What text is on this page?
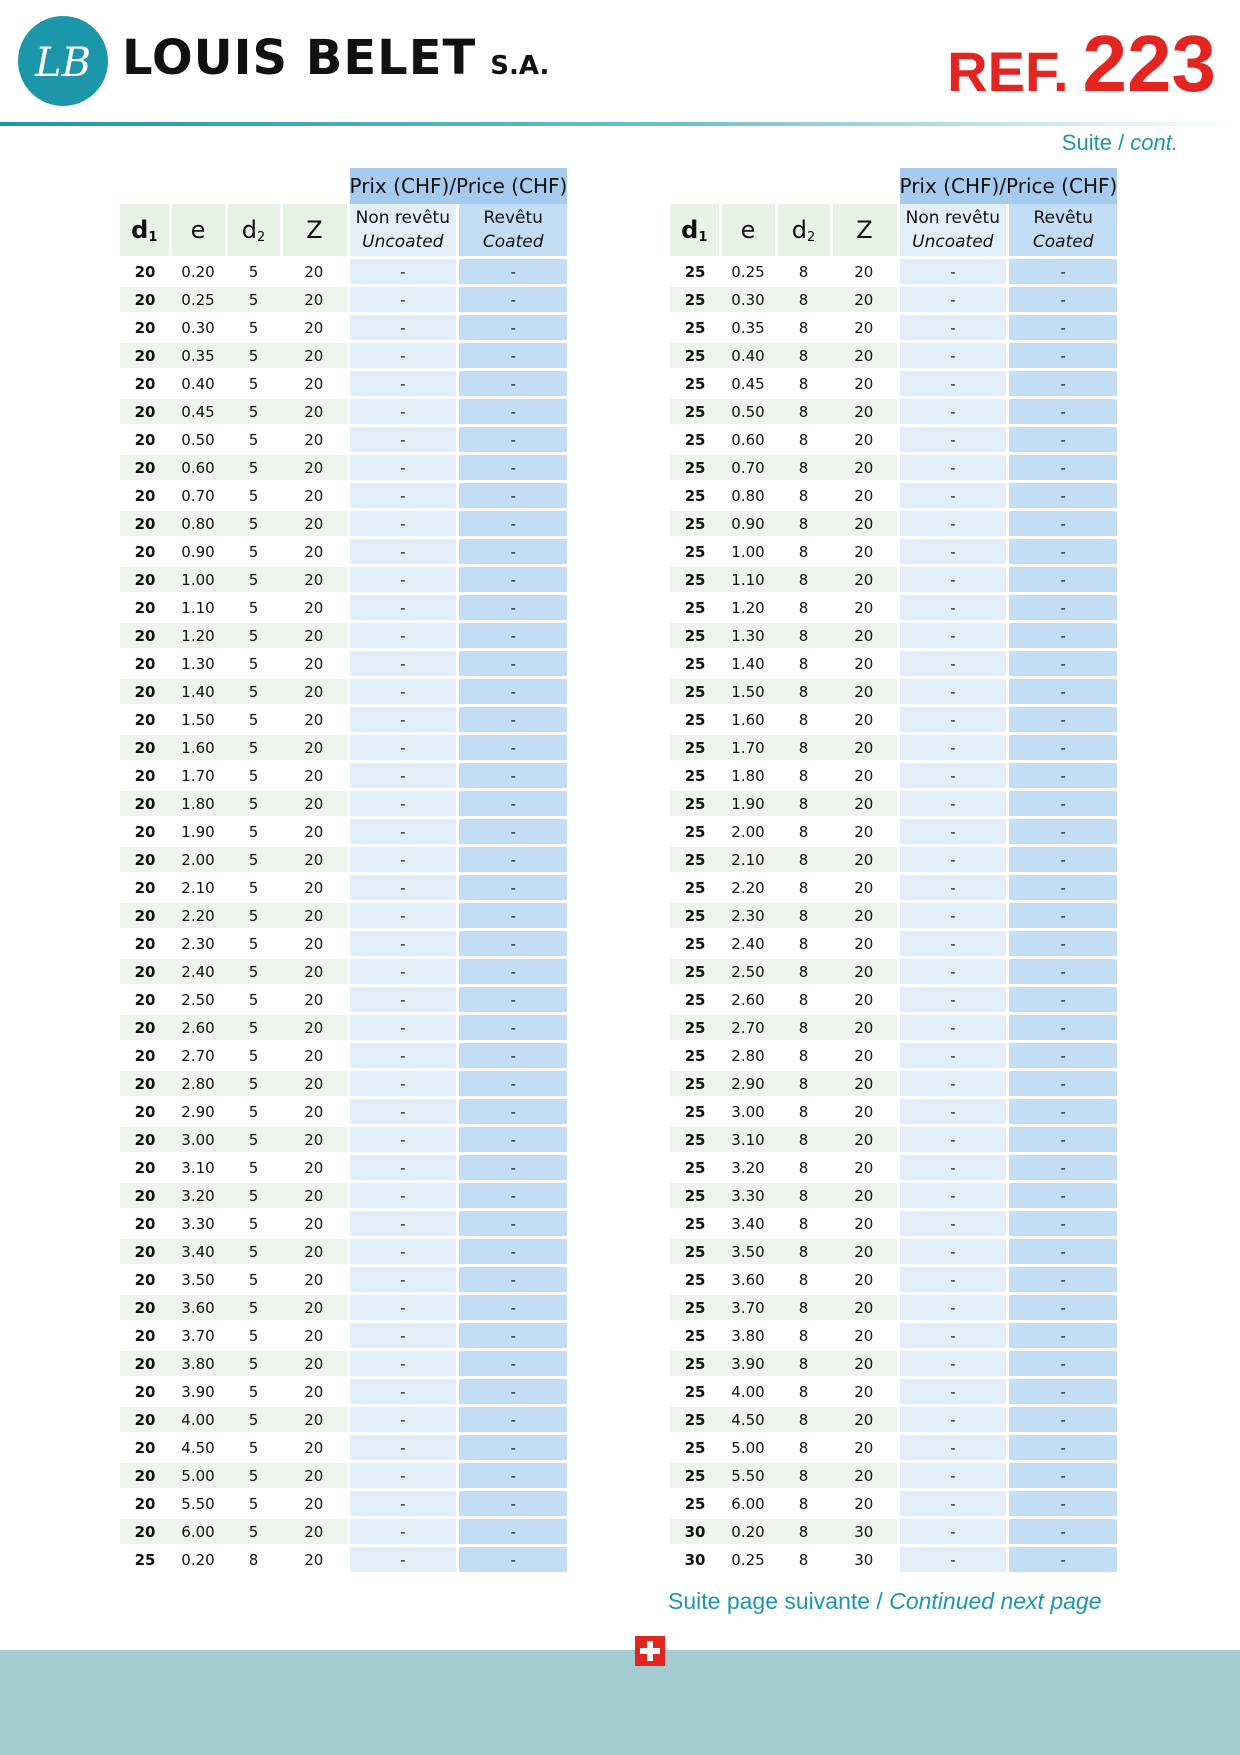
LB LOUIS BELET S.A.	REF. 223
Suite / cont.
				Prix (CHF)/Price (CHF)	
d1	e	d2	Z	Non revêtu
Uncoated	Revêtu
Coated
20	0.20	5	20	-	-
20	0.25	5	20	-	-
20	0.30	5	20	-	-
20	0.35	5	20	-	-
20	0.40	5	20	-	-
20	0.45	5	20	-	-
20	0.50	5	20	-	-
20	0.60	5	20	-	-
20	0.70	5	20	-	-
20	0.80	5	20	-	-
20	0.90	5	20	-	-
20	1.00	5	20	-	-
20	1.10	5	20	-	-
20	1.20	5	20	-	-
20	1.30	5	20	-	-
20	1.40	5	20	-	-
20	1.50	5	20	-	-
20	1.60	5	20	-	-
20	1.70	5	20	-	-
20	1.80	5	20	-	-
20	1.90	5	20	-	-
20	2.00	5	20	-	-
20	2.10	5	20	-	-
20	2.20	5	20	-	-
20	2.30	5	20	-	-
20	2.40	5	20	-	-
20	2.50	5	20	-	-
20	2.60	5	20	-	-
20	2.70	5	20	-	-
20	2.80	5	20	-	-
20	2.90	5	20	-	-
20	3.00	5	20	-	-
20	3.10	5	20	-	-
20	3.20	5	20	-	-
20	3.30	5	20	-	-
20	3.40	5	20	-	-
20	3.50	5	20	-	-
20	3.60	5	20	-	-
20	3.70	5	20	-	-
20	3.80	5	20	-	-
20	3.90	5	20	-	-
20	4.00	5	20	-	-
20	4.50	5	20	-	-
20	5.00	5	20	-	-
20	5.50	5	20	-	-
20	6.00	5	20	-	-
25	0.20	8	20	-	-
				Prix (CHF)/Price (CHF)	
d1	e	d2	Z	Non revêtu
Uncoated	Revêtu
Coated
25	0.25	8	20	-	-
25	0.30	8	20	-	-
25	0.35	8	20	-	-
25	0.40	8	20	-	-
25	0.45	8	20	-	-
25	0.50	8	20	-	-
25	0.60	8	20	-	-
25	0.70	8	20	-	-
25	0.80	8	20	-	-
25	0.90	8	20	-	-
25	1.00	8	20	-	-
25	1.10	8	20	-	-
25	1.20	8	20	-	-
25	1.30	8	20	-	-
25	1.40	8	20	-	-
25	1.50	8	20	-	-
25	1.60	8	20	-	-
25	1.70	8	20	-	-
25	1.80	8	20	-	-
25	1.90	8	20	-	-
25	2.00	8	20	-	-
25	2.10	8	20	-	-
25	2.20	8	20	-	-
25	2.30	8	20	-	-
25	2.40	8	20	-	-
25	2.50	8	20	-	-
25	2.60	8	20	-	-
25	2.70	8	20	-	-
25	2.80	8	20	-	-
25	2.90	8	20	-	-
25	3.00	8	20	-	-
25	3.10	8	20	-	-
25	3.20	8	20	-	-
25	3.30	8	20	-	-
25	3.40	8	20	-	-
25	3.50	8	20	-	-
25	3.60	8	20	-	-
25	3.70	8	20	-	-
25	3.80	8	20	-	-
25	3.90	8	20	-	-
25	4.00	8	20	-	-
25	4.50	8	20	-	-
25	5.00	8	20	-	-
25	5.50	8	20	-	-
25	6.00	8	20	-	-
30	0.20	8	30	-	-
30	0.25	8	30	-	-
Suite page suivante / Continued next page
